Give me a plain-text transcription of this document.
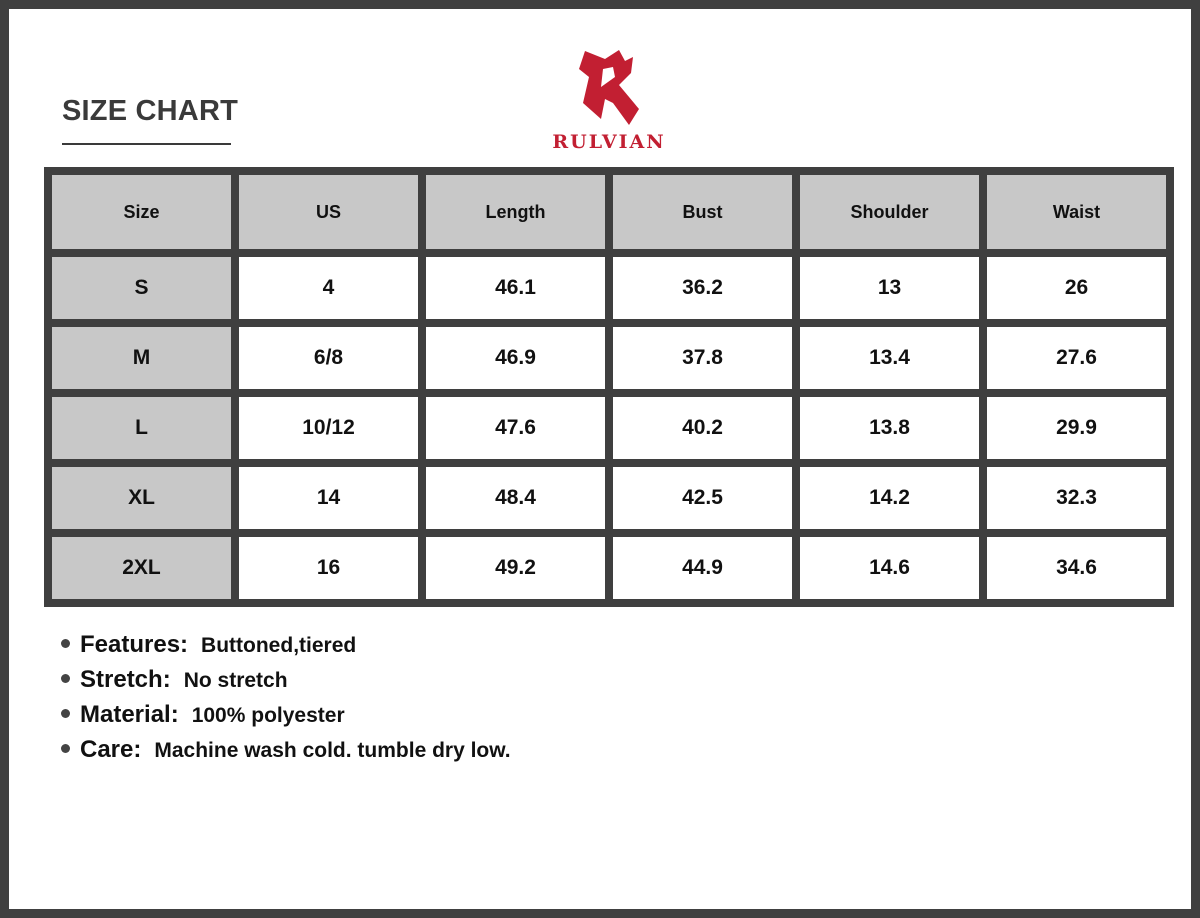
SIZE CHART
RULVIAN
Size	US	Length	Bust	Shoulder	Waist
S	4	46.1	36.2	13	26
M	6/8	46.9	37.8	13.4	27.6
L	10/12	47.6	40.2	13.8	29.9
XL	14	48.4	42.5	14.2	32.3
2XL	16	49.2	44.9	14.6	34.6
Features: Buttoned,tiered
Stretch: No stretch
Material: 100% polyester
Care: Machine wash cold. tumble dry low.
